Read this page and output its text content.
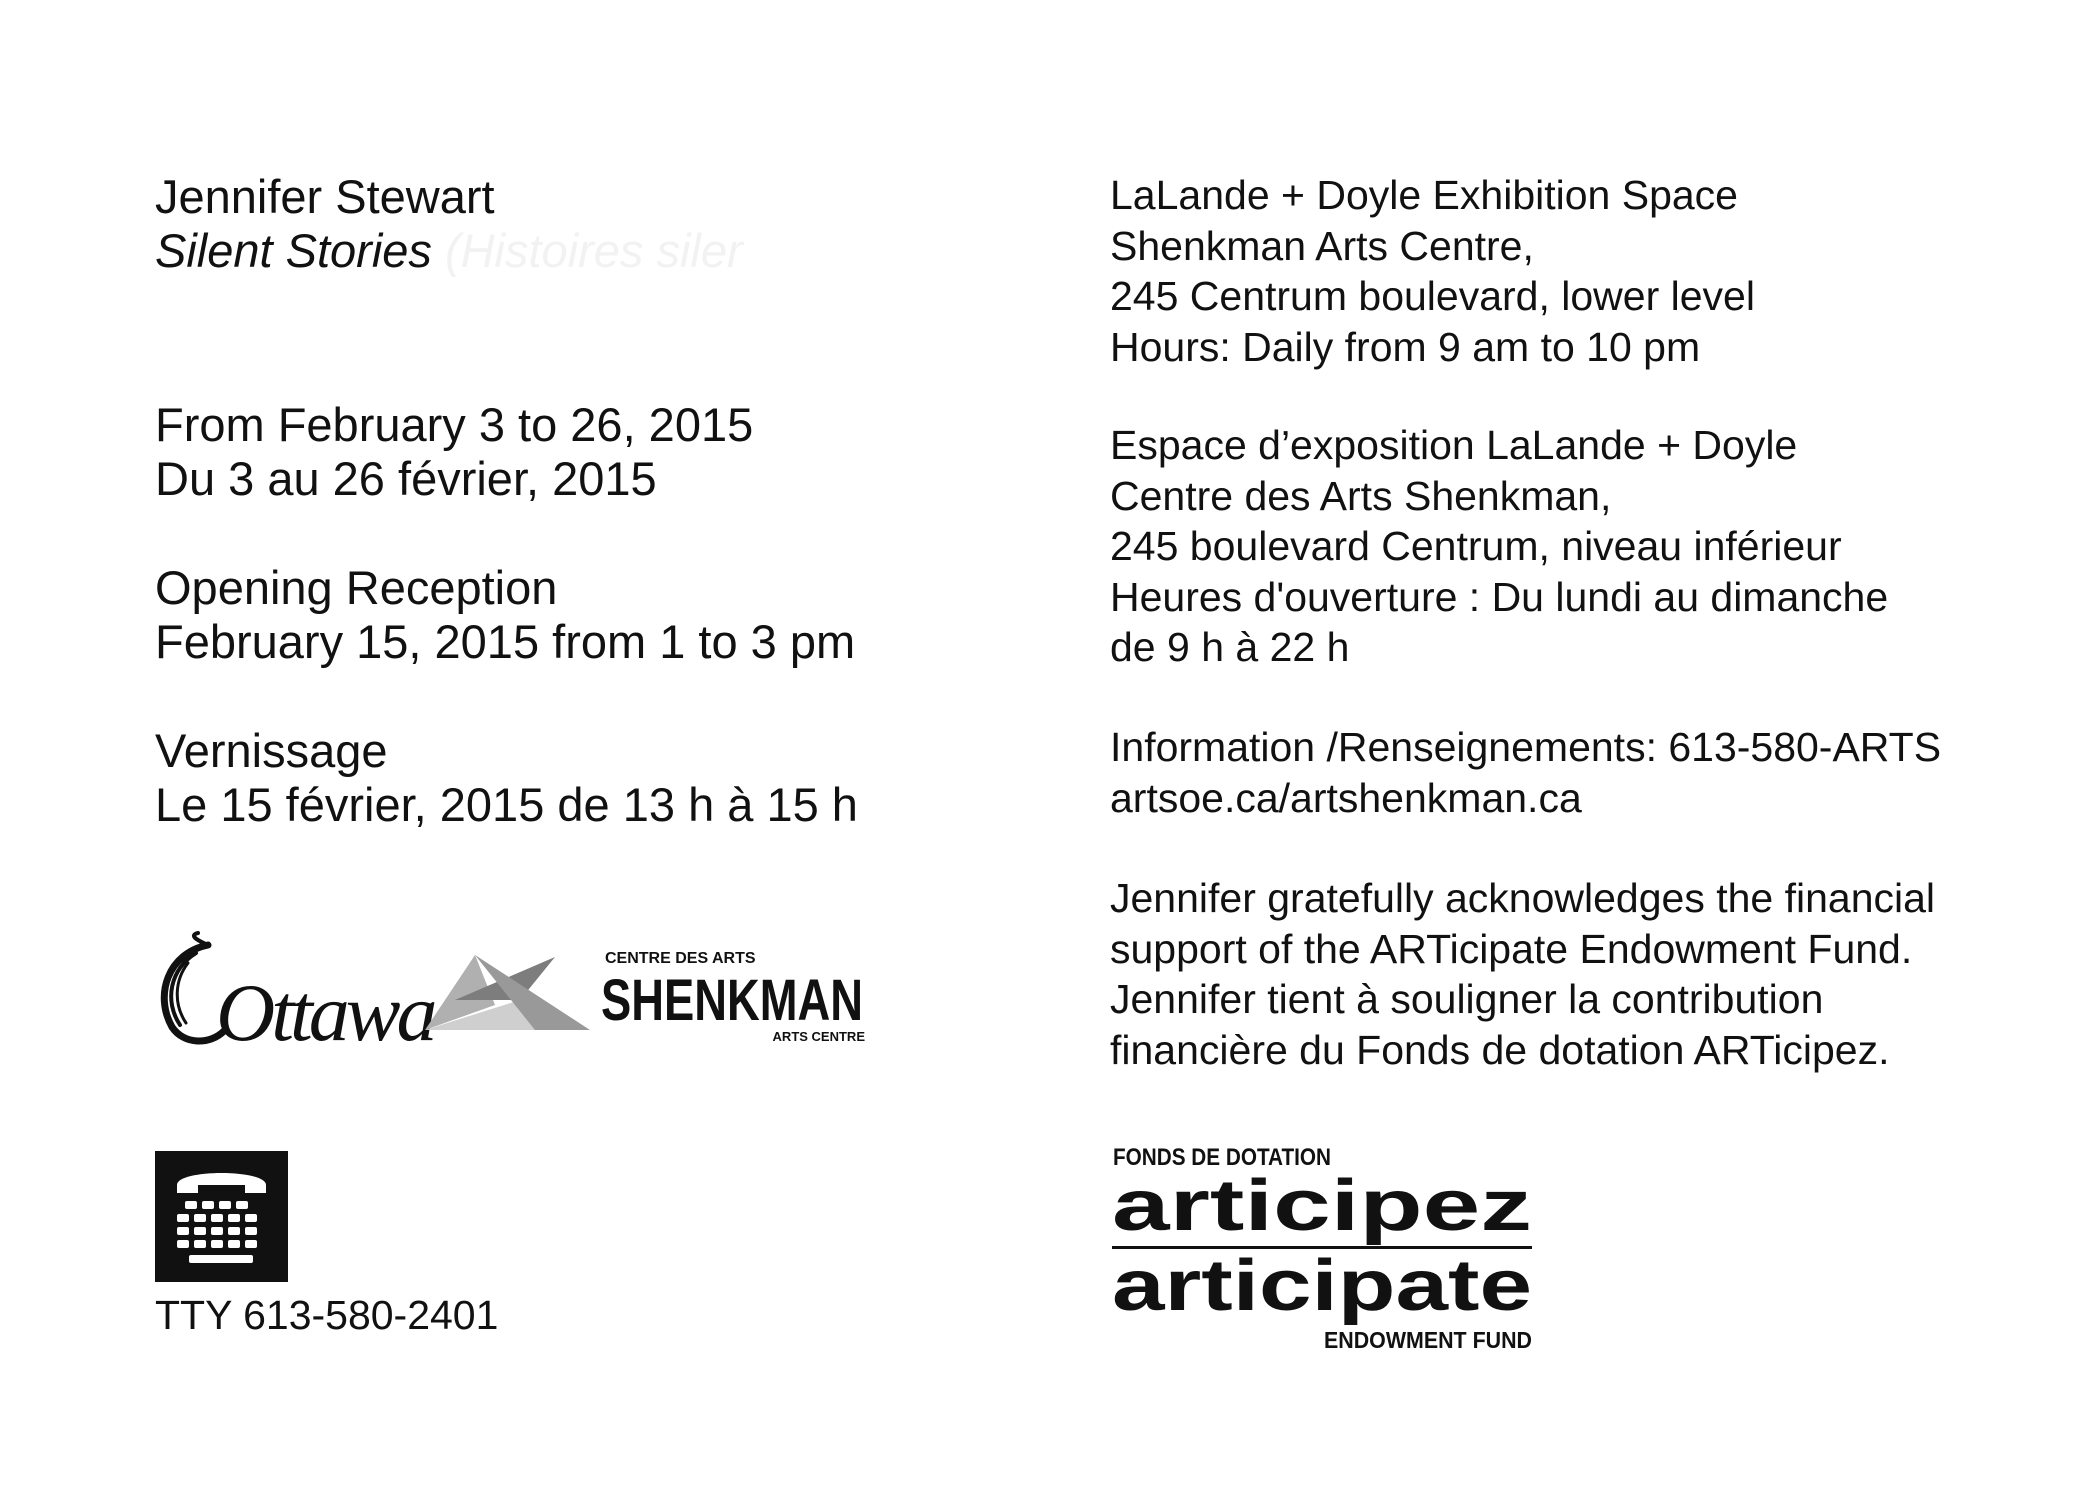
Jennifer Stewart
Silent Stories (Histoires siler
From February 3 to 26, 2015
Du 3 au 26 février, 2015
Opening Reception
February 15, 2015 from 1 to 3 pm
Vernissage
Le 15 février, 2015 de 13 h à 15 h
Ottawa
CENTRE DES ARTS
SHENKMAN
ARTS CENTRE
TTY 613-580-2401
LaLande + Doyle Exhibition Space
Shenkman Arts Centre,
245 Centrum boulevard, lower level
Hours: Daily from 9 am to 10 pm
Espace d’exposition LaLande + Doyle
Centre des Arts Shenkman,
245 boulevard Centrum, niveau inférieur
Heures d'ouverture : Du lundi au dimanche
de 9 h à 22 h
Information /Renseignements: 613-580-ARTS
artsoe.ca/artshenkman.ca
Jennifer gratefully acknowledges the financial
support of the ARTicipate Endowment Fund.
Jennifer tient à souligner la contribution
financière du Fonds de dotation ARTicipez.
FONDS DE DOTATION
articipez
articipate
ENDOWMENT FUND
